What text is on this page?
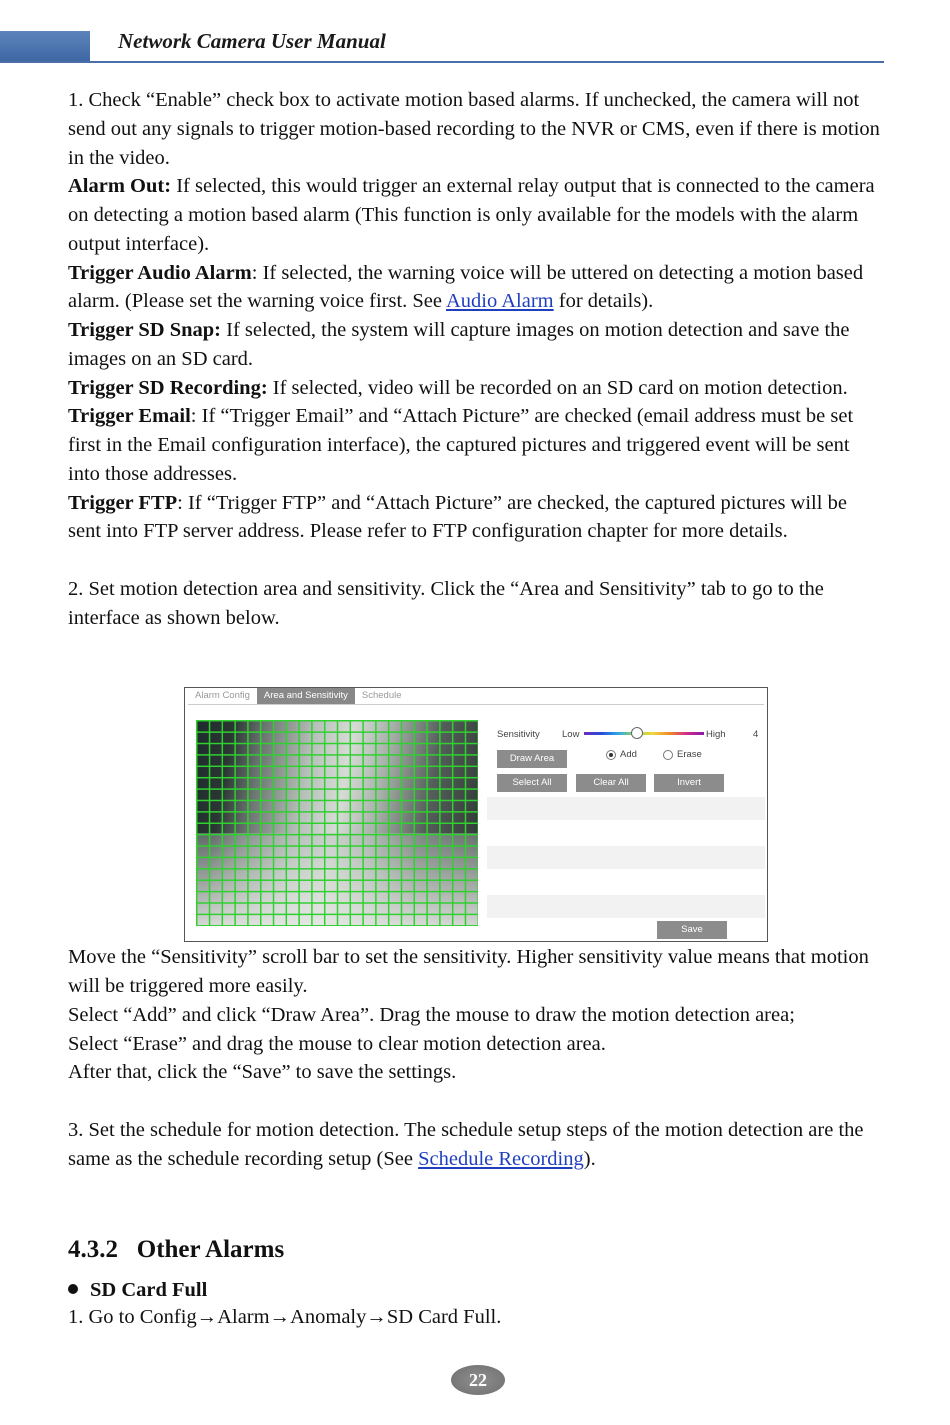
Network Camera User Manual

1. Check “Enable” check box to activate motion based alarms. If unchecked, the camera will not send out any signals to trigger motion-based recording to the NVR or CMS, even if there is motion in the video.

Alarm Out: If selected, this would trigger an external relay output that is connected to the camera on detecting a motion based alarm (This function is only available for the models with the alarm output interface).

Trigger Audio Alarm: If selected, the warning voice will be uttered on detecting a motion based alarm. (Please set the warning voice first. See Audio Alarm for details).

Trigger SD Snap: If selected, the system will capture images on motion detection and save the images on an SD card.

Trigger SD Recording: If selected, video will be recorded on an SD card on motion detection.

Trigger Email: If “Trigger Email” and “Attach Picture” are checked (email address must be set first in the Email configuration interface), the captured pictures and triggered event will be sent into those addresses.

Trigger FTP: If “Trigger FTP” and “Attach Picture” are checked, the captured pictures will be sent into FTP server address. Please refer to FTP configuration chapter for more details.

2. Set motion detection area and sensitivity. Click the “Area and Sensitivity” tab to go to the interface as shown below.

Move the “Sensitivity” scroll bar to set the sensitivity. Higher sensitivity value means that motion will be triggered more easily.

Select “Add” and click “Draw Area”. Drag the mouse to draw the motion detection area;

Select “Erase” and drag the mouse to clear motion detection area.

After that, click the “Save” to save the settings.

3. Set the schedule for motion detection. The schedule setup steps of the motion detection are the same as the schedule recording setup (See Schedule Recording).

Alarm Config	Area and Sensitivity	Schedule
Sensitivity Low	High	4
Draw Area	Add	Erase
Select All	Clear All	Invert
Save
4.3.2 Other Alarms
SD Card Full
1. Go to Config→Alarm→Anomaly→SD Card Full.
22
